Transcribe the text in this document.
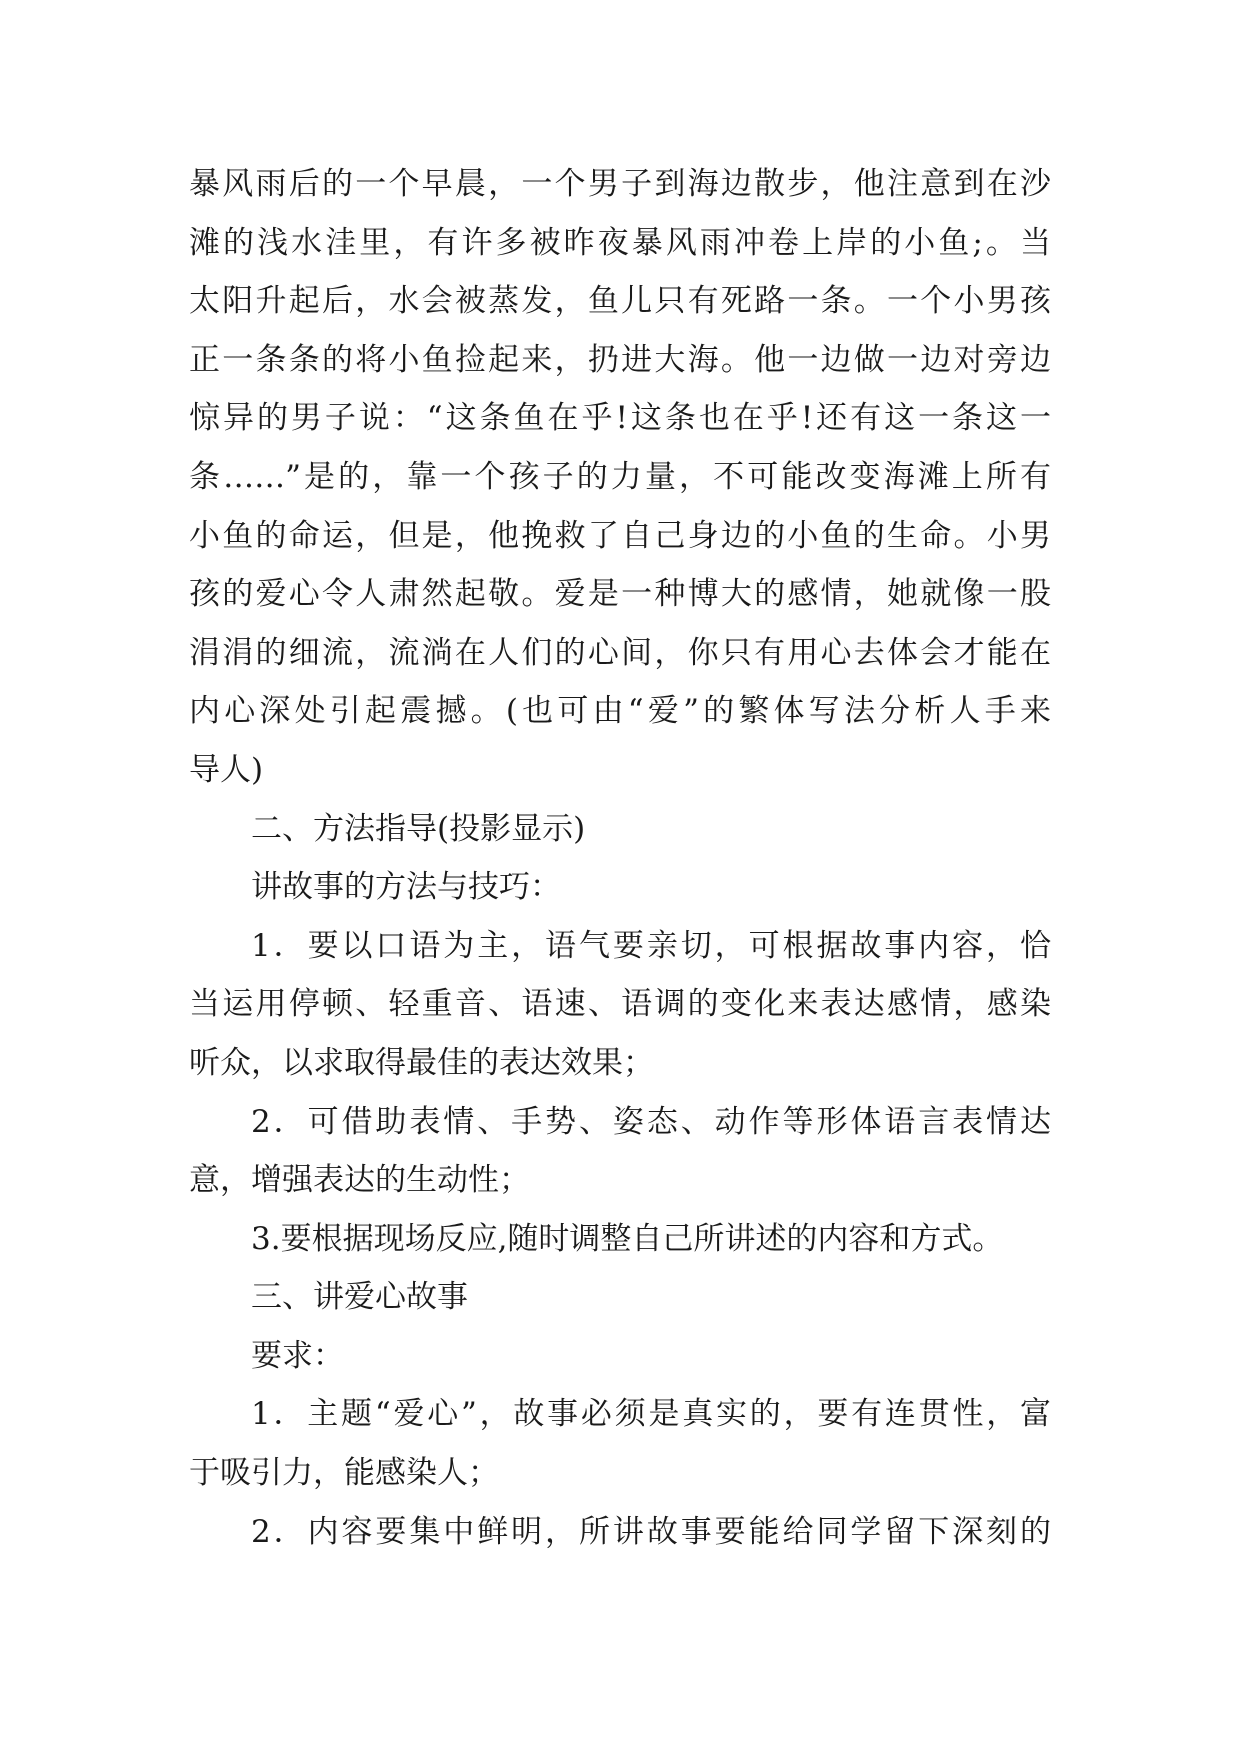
暴风雨后的一个早晨，一个男子到海边散步，他注意到在沙
滩的浅水洼里，有许多被昨夜暴风雨冲卷上岸的小鱼;。当
太阳升起后，水会被蒸发，鱼儿只有死路一条。一个小男孩
正一条条的将小鱼捡起来，扔进大海。他一边做一边对旁边
惊异的男子说：“这条鱼在乎!这条也在乎!还有这一条这一
条……”是的，靠一个孩子的力量，不可能改变海滩上所有
小鱼的命运，但是，他挽救了自己身边的小鱼的生命。小男
孩的爱心令人肃然起敬。爱是一种博大的感情，她就像一股
涓涓的细流，流淌在人们的心间，你只有用心去体会才能在
内心深处引起震撼。(也可由“爱”的繁体写法分析人手来
导人)
二、方法指导(投影显示)
讲故事的方法与技巧：
1．要以口语为主，语气要亲切，可根据故事内容，恰
当运用停顿、轻重音、语速、语调的变化来表达感情，感染
听众，以求取得最佳的表达效果；
2．可借助表情、手势、姿态、动作等形体语言表情达
意，增强表达的生动性；
3.要根据现场反应,随时调整自己所讲述的内容和方式。
三、讲爱心故事
要求：
1．主题“爱心”，故事必须是真实的，要有连贯性，富
于吸引力，能感染人；
2．内容要集中鲜明，所讲故事要能给同学留下深刻的
